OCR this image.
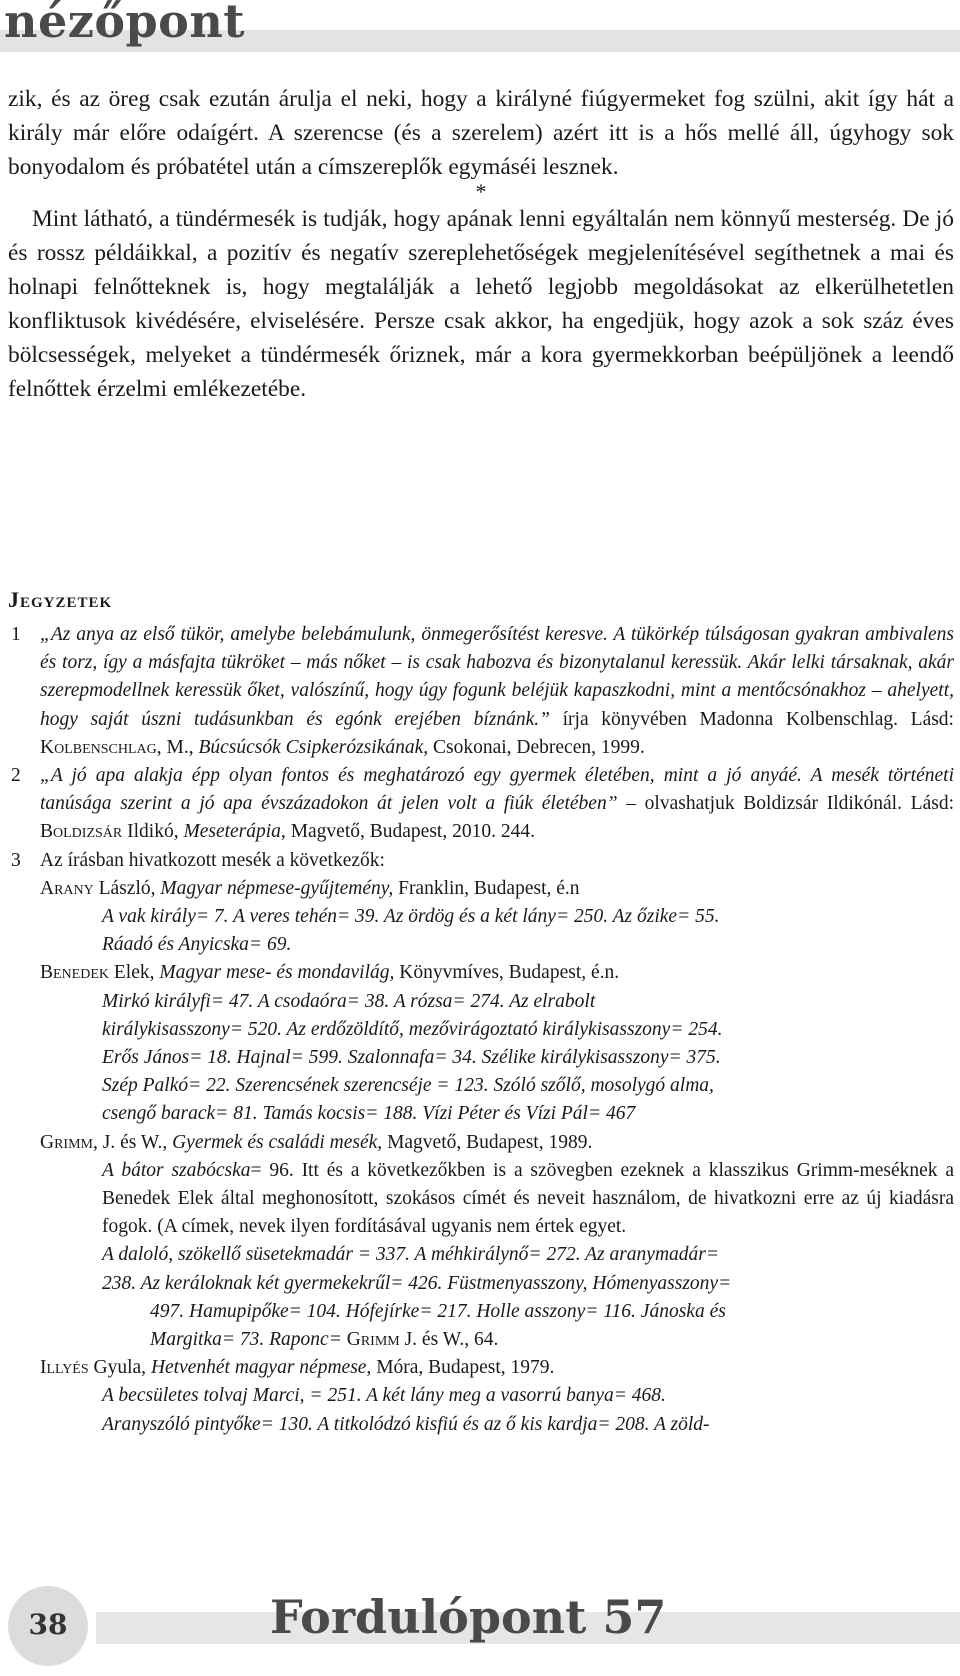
nézőpont

zik, és az öreg csak ezután árulja el neki, hogy a királyné fiúgyermeket fog szülni, akit így hát a király már előre odaígért. A szerencse (és a szerelem) azért itt is a hős mellé áll, úgyhogy sok bonyodalom és próbatétel után a címszereplők egymáséi lesznek.

*

Mint látható, a tündérmesék is tudják, hogy apának lenni egyáltalán nem könnyű mesterség. De jó és rossz példáikkal, a pozitív és negatív szereplehetőségek megjelenítésével segíthetnek a mai és holnapi felnőtteknek is, hogy megtalálják a lehető legjobb megoldásokat az elkerülhetetlen konfliktusok kivédésére, elviselésére. Persze csak akkor, ha engedjük, hogy azok a sok száz éves bölcsességek, melyeket a tündérmesék őriznek, már a kora gyermekkorban beépüljönek a leendő felnőttek érzelmi emlékezetébe.

Jegyzetek
1 „Az anya az első tükör, amelybe belebámulunk, önmegerősítést keresve. A tükörkép túlságosan gyakran ambivalens és torz, így a másfajta tükröket – más nőket – is csak habozva és bizonytalanul keressük. Akár lelki társaknak, akár szerepmodellnek keressük őket, valószínű, hogy úgy fogunk beléjük kapaszkodni, mint a mentőcsónakhoz – ahelyett, hogy saját úszni tudásunkban és egónk erejében bíznánk.” írja könyvében Madonna Kolbenschlag. Lásd: Kolbenschlag, M., Búcsúcsók Csipkerózsikának, Csokonai, Debrecen, 1999.
2 „A jó apa alakja épp olyan fontos és meghatározó egy gyermek életében, mint a jó anyáé. A mesék történeti tanúsága szerint a jó apa évszázadokon át jelen volt a fiúk életében” – olvashatjuk Boldizsár Ildikónál. Lásd: Boldizsár Ildikó, Meseterápia, Magvető, Budapest, 2010. 244.
3 Az írásban hivatkozott mesék a következők:
Arany László, Magyar népmese-gyűjtemény, Franklin, Budapest, é.n
A vak király= 7. A veres tehén= 39. Az ördög és a két lány= 250. Az őzike= 55.
Ráadó és Anyicska= 69.
Benedek Elek, Magyar mese- és mondavilág, Könyvmíves, Budapest, é.n.
Mirkó királyfi= 47. A csodaóra= 38. A rózsa= 274. Az elrabolt
királykisasszony= 520. Az erdőzöldítő, mezővirágoztató királykisasszony= 254.
Erős János= 18. Hajnal= 599. Szalonnafa= 34. Szélike királykisasszony= 375.
Szép Palkó= 22. Szerencsének szerencséje = 123. Szóló szőlő, mosolygó alma,
csengő barack= 81. Tamás kocsis= 188. Vízi Péter és Vízi Pál= 467
Grimm, J. és W., Gyermek és családi mesék, Magvető, Budapest, 1989.
A bátor szabócska= 96. Itt és a következőkben is a szövegben ezeknek a klasszikus Grimm-meséknek a Benedek Elek által meghonosított, szokásos címét és neveit használom, de hivatkozni erre az új kiadásra fogok. (A címek, nevek ilyen fordításával ugyanis nem értek egyet.
A daloló, szökellő süsetekmadár = 337. A méhkirálynő= 272. Az aranymadár=
238. Az keráloknak két gyermekekrűl= 426. Füstmenyasszony, Hómenyasszony=
497. Hamupipőke= 104. Hófejírke= 217. Holle asszony= 116. Jánoska és
Margitka= 73. Raponc= Grimm J. és W., 64.
Illyés Gyula, Hetvenhét magyar népmese, Móra, Budapest, 1979.
A becsületes tolvaj Marci, = 251. A két lány meg a vasorrú banya= 468.
Aranyszóló pintyőke= 130. A titkolódzó kisfiú és az ő kis kardja= 208. A zöld-
38	Fordulópont 57
